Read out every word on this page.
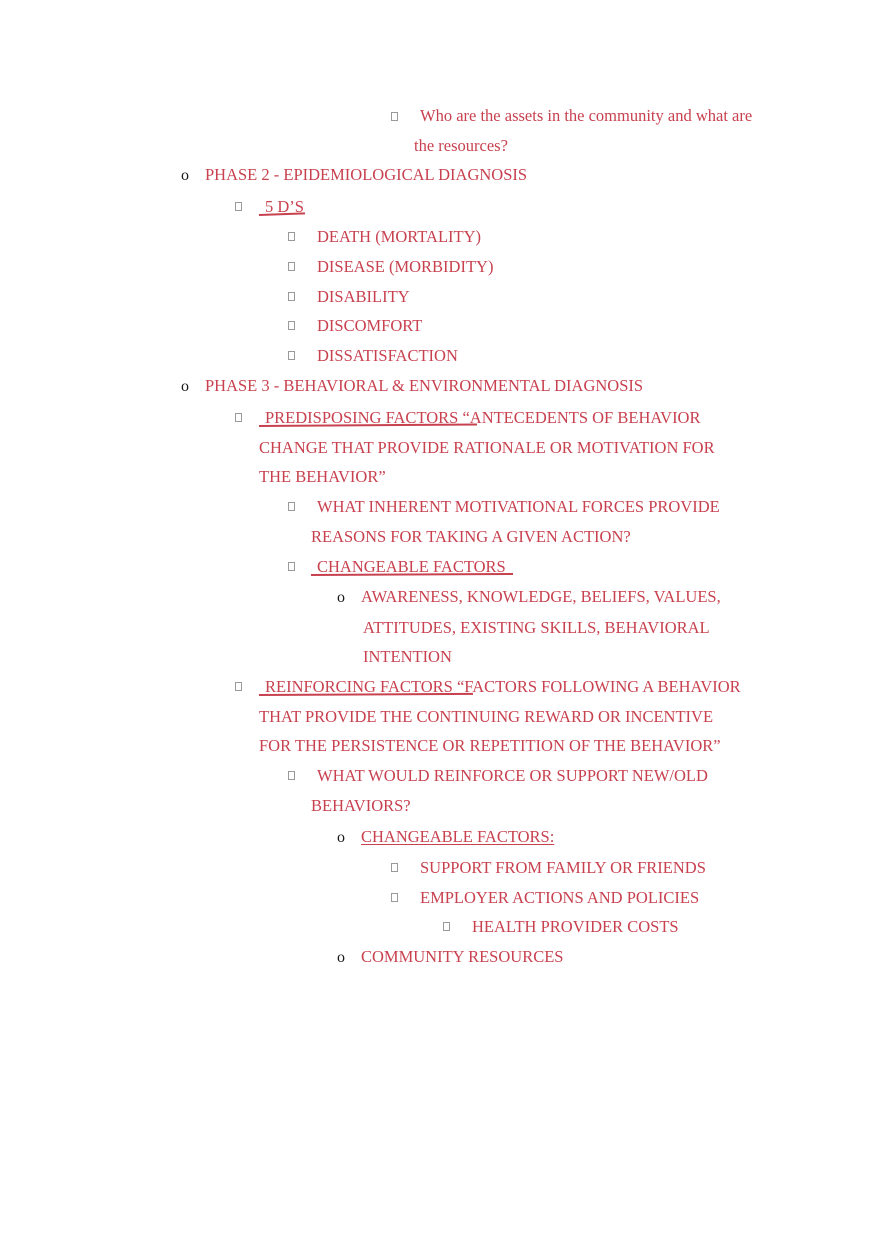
Who are the assets in the community and what are
the resources?
o PHASE 2 - EPIDEMIOLOGICAL DIAGNOSIS
5 D’S
DEATH (MORTALITY)
DISEASE (MORBIDITY)
DISABILITY
DISCOMFORT
DISSATISFACTION
o PHASE 3 - BEHAVIORAL & ENVIRONMENTAL DIAGNOSIS
PREDISPOSING FACTORS “ANTECEDENTS OF BEHAVIOR
CHANGE THAT PROVIDE RATIONALE OR MOTIVATION FOR
THE BEHAVIOR”
WHAT INHERENT MOTIVATIONAL FORCES PROVIDE
REASONS FOR TAKING A GIVEN ACTION?
CHANGEABLE FACTORS
o AWARENESS, KNOWLEDGE, BELIEFS, VALUES,
ATTITUDES, EXISTING SKILLS, BEHAVIORAL
INTENTION
REINFORCING FACTORS “FACTORS FOLLOWING A BEHAVIOR
THAT PROVIDE THE CONTINUING REWARD OR INCENTIVE
FOR THE PERSISTENCE OR REPETITION OF THE BEHAVIOR”
WHAT WOULD REINFORCE OR SUPPORT NEW/OLD
BEHAVIORS?
o CHANGEABLE FACTORS:
SUPPORT FROM FAMILY OR FRIENDS
EMPLOYER ACTIONS AND POLICIES
HEALTH PROVIDER COSTS
o COMMUNITY RESOURCES
